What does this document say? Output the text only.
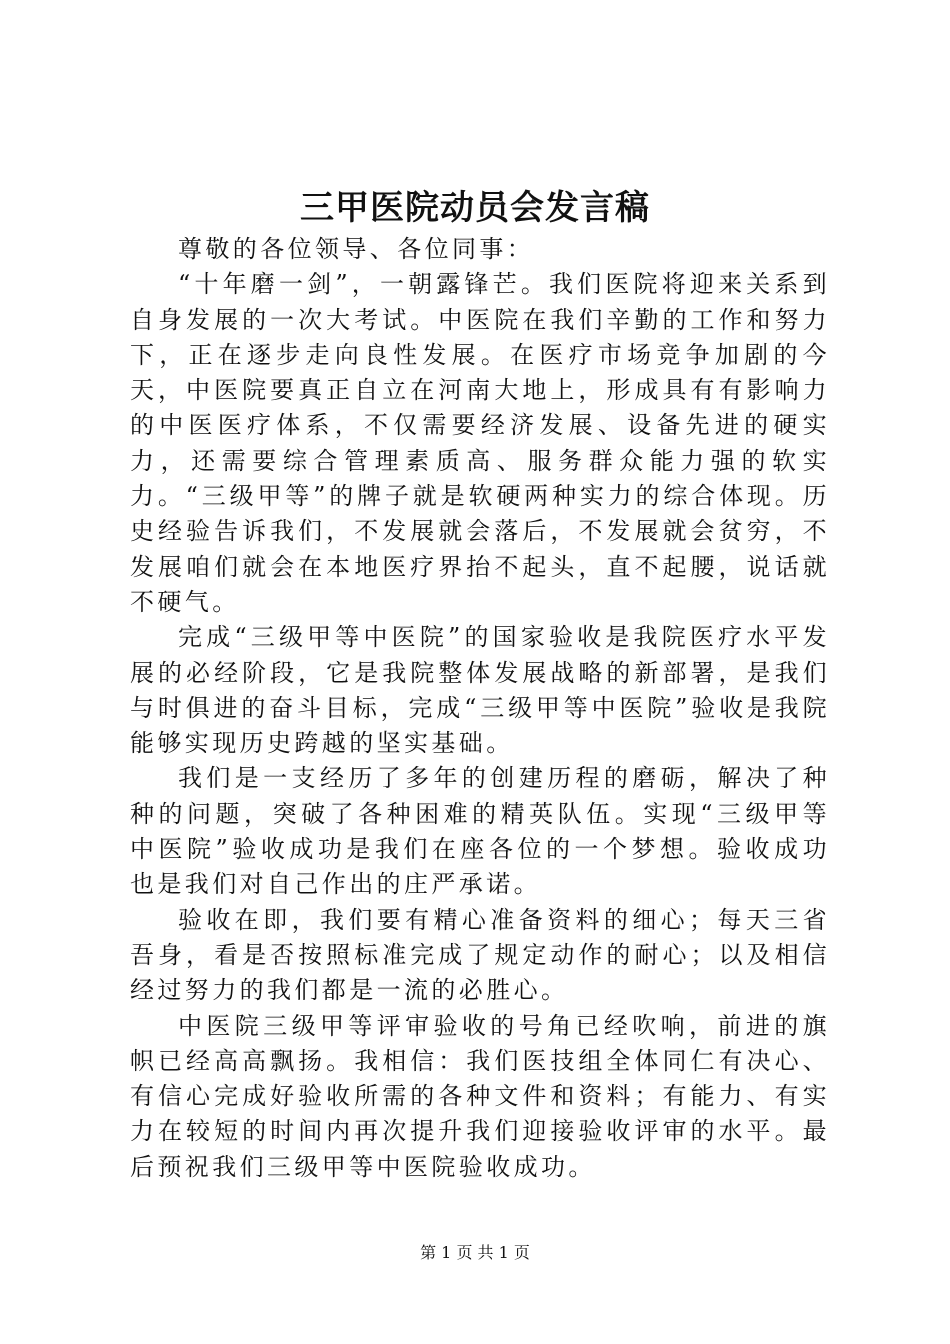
三甲医院动员会发言稿

尊敬的各位领导、各位同事：

“十年磨一剑”，一朝露锋芒。我们医院将迎来关系到自身发展的一次大考试。中医院在我们辛勤的工作和努力下，正在逐步走向良性发展。在医疗市场竞争加剧的今天，中医院要真正自立在河南大地上，形成具有有影响力的中医医疗体系，不仅需要经济发展、设备先进的硬实力，还需要综合管理素质高、服务群众能力强的软实力。“三级甲等”的牌子就是软硬两种实力的综合体现。历史经验告诉我们，不发展就会落后，不发展就会贫穷，不发展咱们就会在本地医疗界抬不起头，直不起腰，说话就不硬气。

完成“三级甲等中医院”的国家验收是我院医疗水平发展的必经阶段，它是我院整体发展战略的新部署，是我们与时俱进的奋斗目标，完成“三级甲等中医院”验收是我院能够实现历史跨越的坚实基础。

我们是一支经历了多年的创建历程的磨砺，解决了种种的问题，突破了各种困难的精英队伍。实现“三级甲等中医院”验收成功是我们在座各位的一个梦想。验收成功也是我们对自己作出的庄严承诺。

验收在即，我们要有精心准备资料的细心；每天三省吾身，看是否按照标准完成了规定动作的耐心；以及相信经过努力的我们都是一流的必胜心。

中医院三级甲等评审验收的号角已经吹响，前进的旗帜已经高高飘扬。我相信：我们医技组全体同仁有决心、有信心完成好验收所需的各种文件和资料；有能力、有实力在较短的时间内再次提升我们迎接验收评审的水平。最后预祝我们三级甲等中医院验收成功。

第 1 页 共 1 页
